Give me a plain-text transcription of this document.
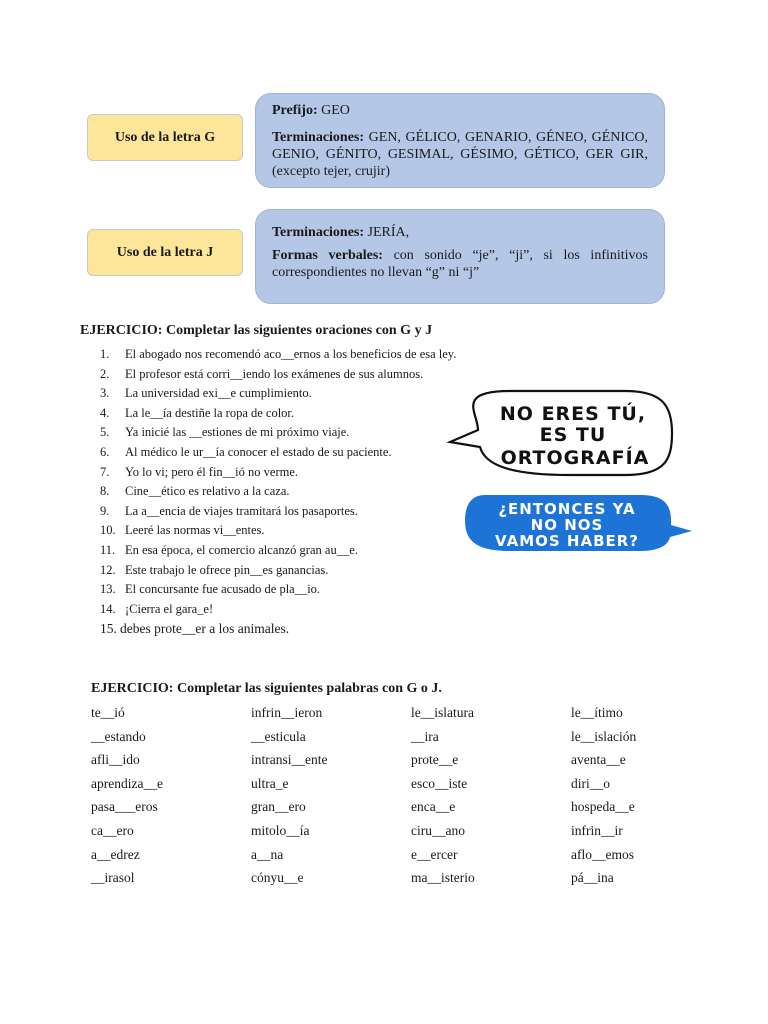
Uso de la letra G

Prefijo: GEO

Terminaciones: GEN, GÉLICO, GENARIO, GÉNEO, GÉNICO, GENIO, GÉNITO, GESIMAL, GÉSIMO, GÉTICO, GER GIR, (excepto tejer, crujir)

Uso de la letra J

Terminaciones: JERÍA,

Formas verbales: con sonido “je”, “ji”, si los infinitivos correspondientes no llevan “g” ni “j”

EJERCICIO: Completar las siguientes oraciones con G y J
1.	El abogado nos recomendó aco__ernos a los beneficios de esa ley.
2.	El profesor está corri__iendo los exámenes de sus alumnos.
3.	La universidad exi__e cumplimiento.
4.	La le__ía destiñe la ropa de color.
5.	Ya inicié las __estiones de mi próximo viaje.
6.	Al médico le ur__ía conocer el estado de su paciente.
7.	Yo lo vi; pero él fin__ió no verme.
8.	Cine__ético es relativo a la caza.
9.	La a__encia de viajes tramitará los pasaportes.
10. Leeré las normas vi__entes.
11. En esa época, el comercio alcanzó gran au__e.
12. Este trabajo le ofrece pin__es ganancias.
13. El concursante fue acusado de pla__io.
14. ¡Cierra el gara_e!
15. debes prote__er a los animales.
NO ERES TÚ,
ES TU
ORTOGRAFÍA
¿ENTONCES YA
NO NOS
VAMOS HABER?
EJERCICIO: Completar las siguientes palabras con G o J.
te__ió	infrin__ieron	le__islatura	le__ítimo
__estando	__esticula	__ira	le__islación
afli__ido	intransi__ente	prote__e	aventa__e
aprendiza__e	ultra_e	esco__iste	diri__o
pasa___eros	gran__ero	enca__e	hospeda__e
ca__ero	mitolo__ía	ciru__ano	infrin__ir
a__edrez	a__na	e__ercer	aflo__emos
__irasol	cónyu__e	ma__isterio	pá__ina
